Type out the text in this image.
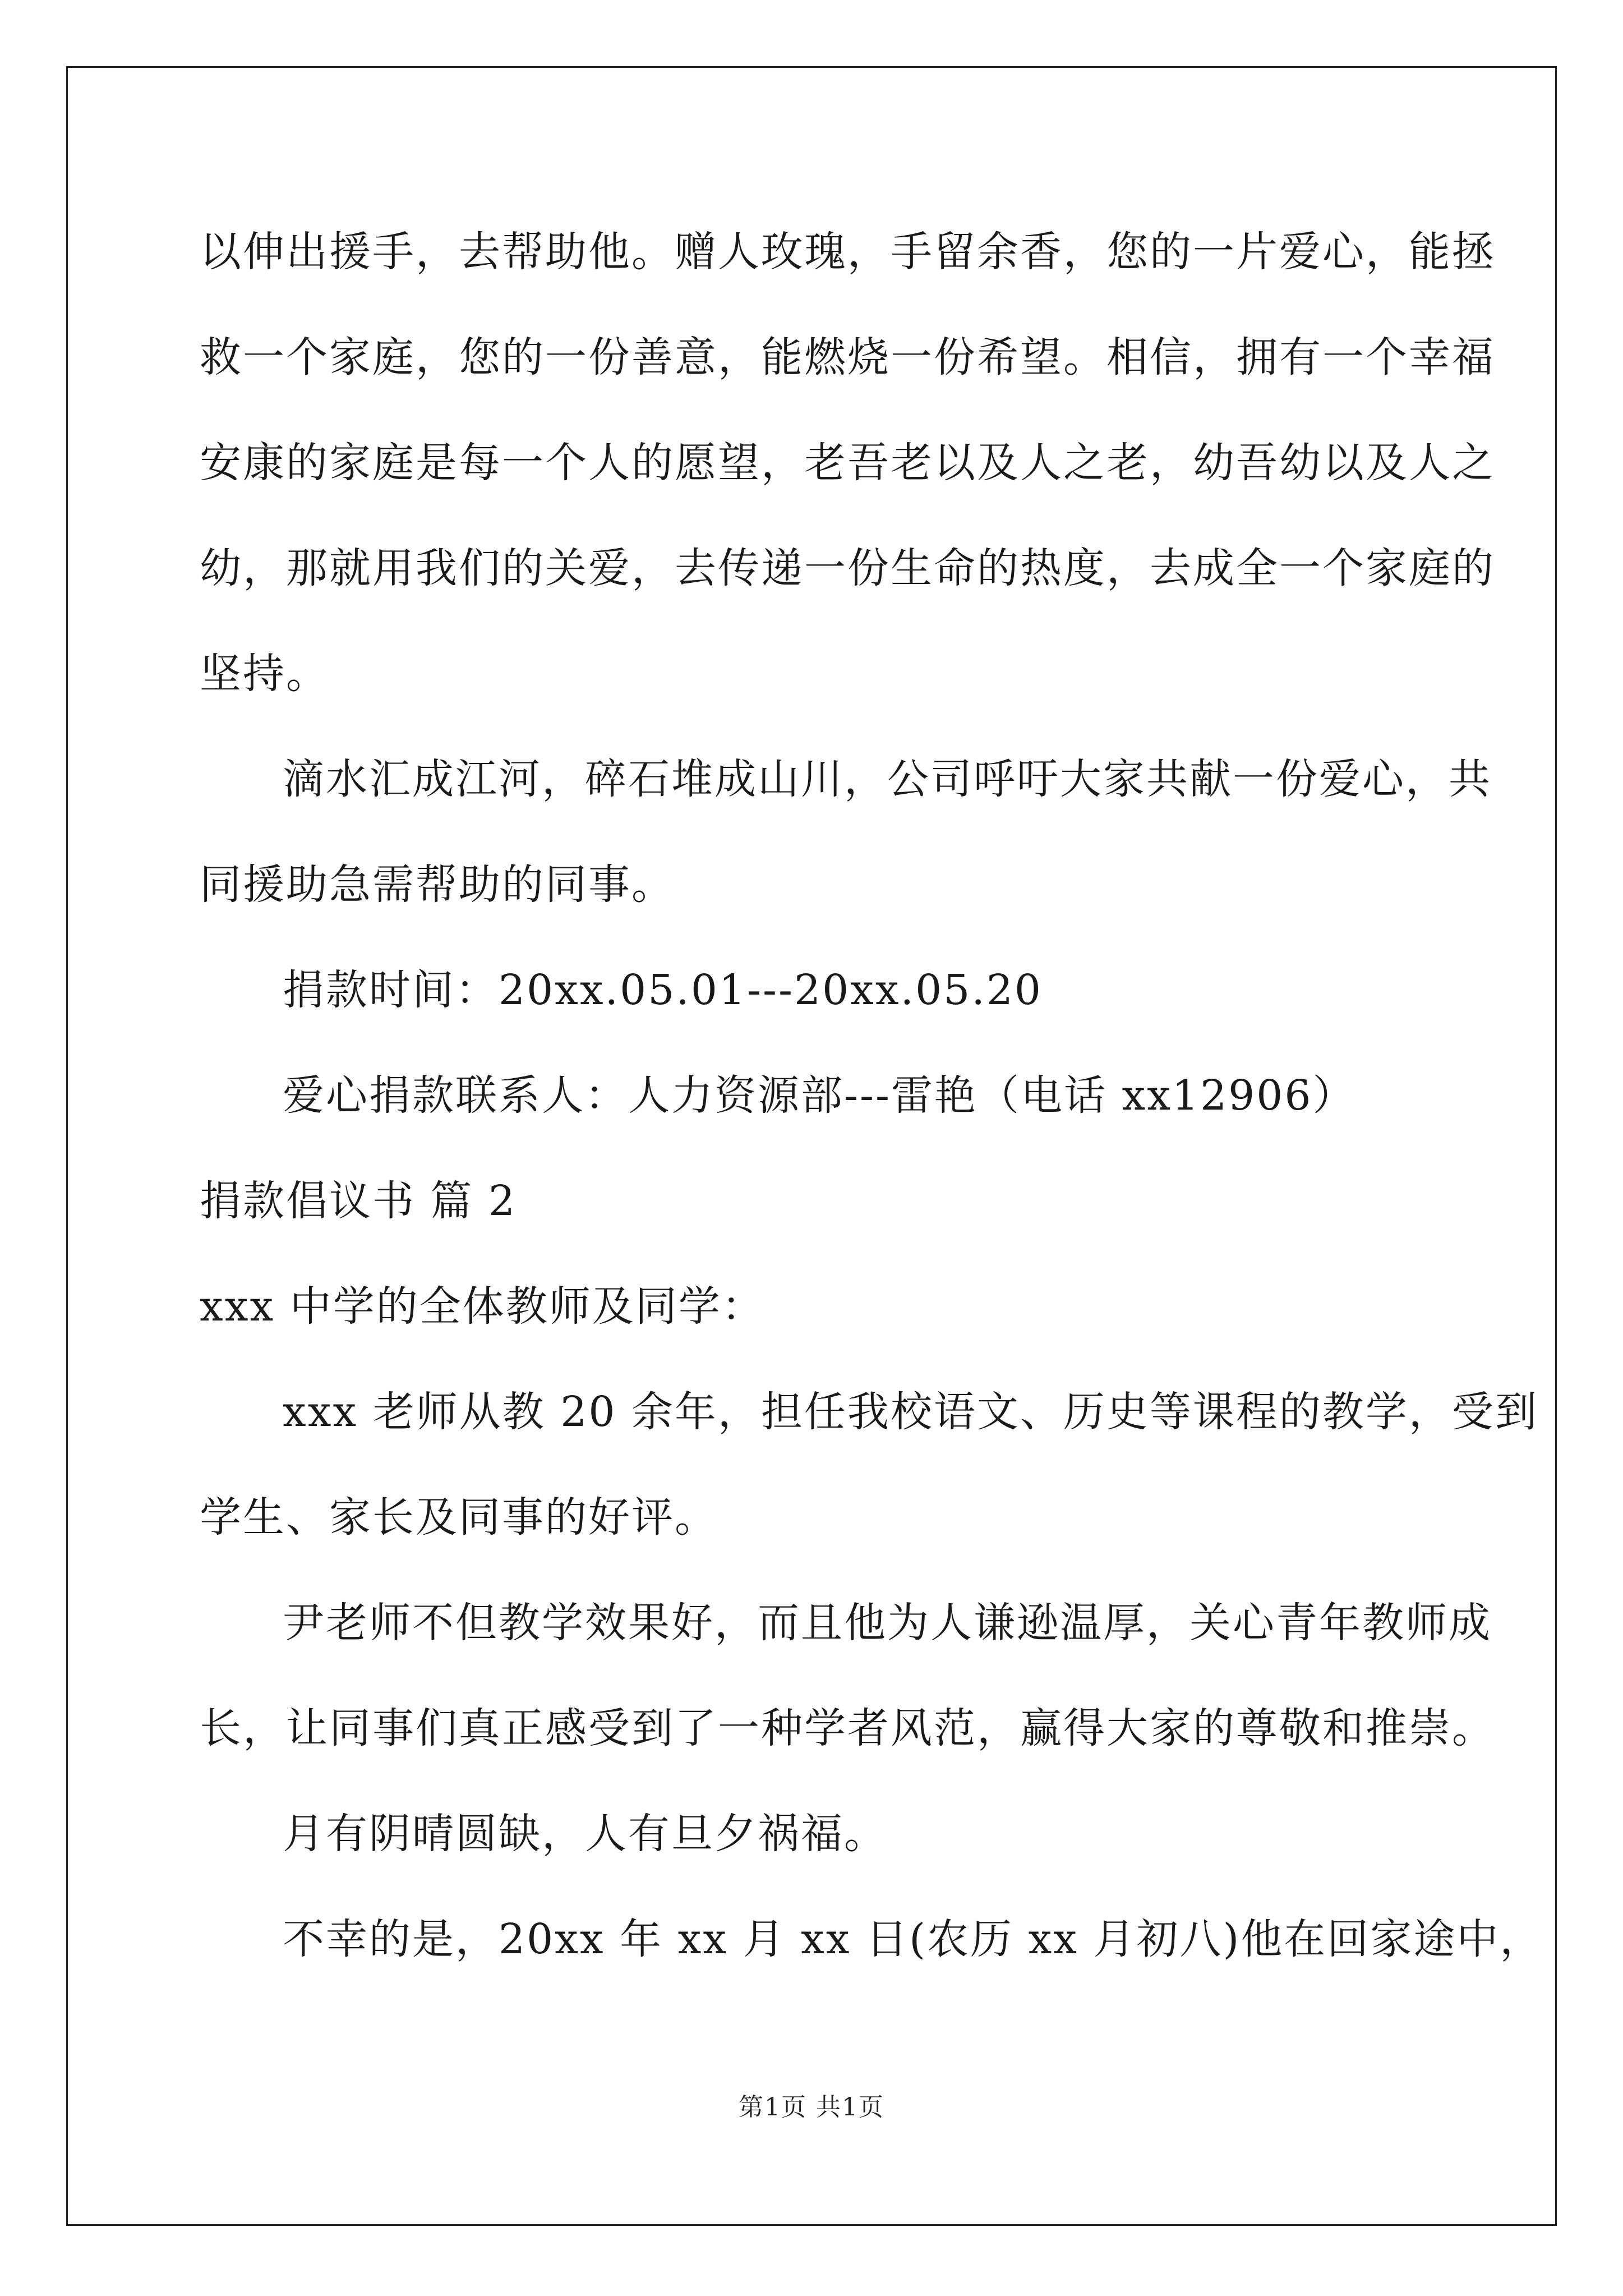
以伸出援手，去帮助他。赠人玫瑰，手留余香，您的一片爱心，能拯
救一个家庭，您的一份善意，能燃烧一份希望。相信，拥有一个幸福
安康的家庭是每一个人的愿望，老吾老以及人之老，幼吾幼以及人之
幼，那就用我们的关爱，去传递一份生命的热度，去成全一个家庭的
坚持。
滴水汇成江河，碎石堆成山川，公司呼吁大家共献一份爱心，共
同援助急需帮助的同事。
捐款时间：20xx.05.01---20xx.05.20
爱心捐款联系人：人力资源部---雷艳（电话 xx12906）
捐款倡议书 篇 2
xxx 中学的全体教师及同学：
xxx 老师从教 20 余年，担任我校语文、历史等课程的教学，受到
学生、家长及同事的好评。
尹老师不但教学效果好，而且他为人谦逊温厚，关心青年教师成
长，让同事们真正感受到了一种学者风范，赢得大家的尊敬和推崇。
月有阴晴圆缺，人有旦夕祸福。
不幸的是，20xx 年 xx 月 xx 日(农历 xx 月初八)他在回家途中，
第1页 共1页
